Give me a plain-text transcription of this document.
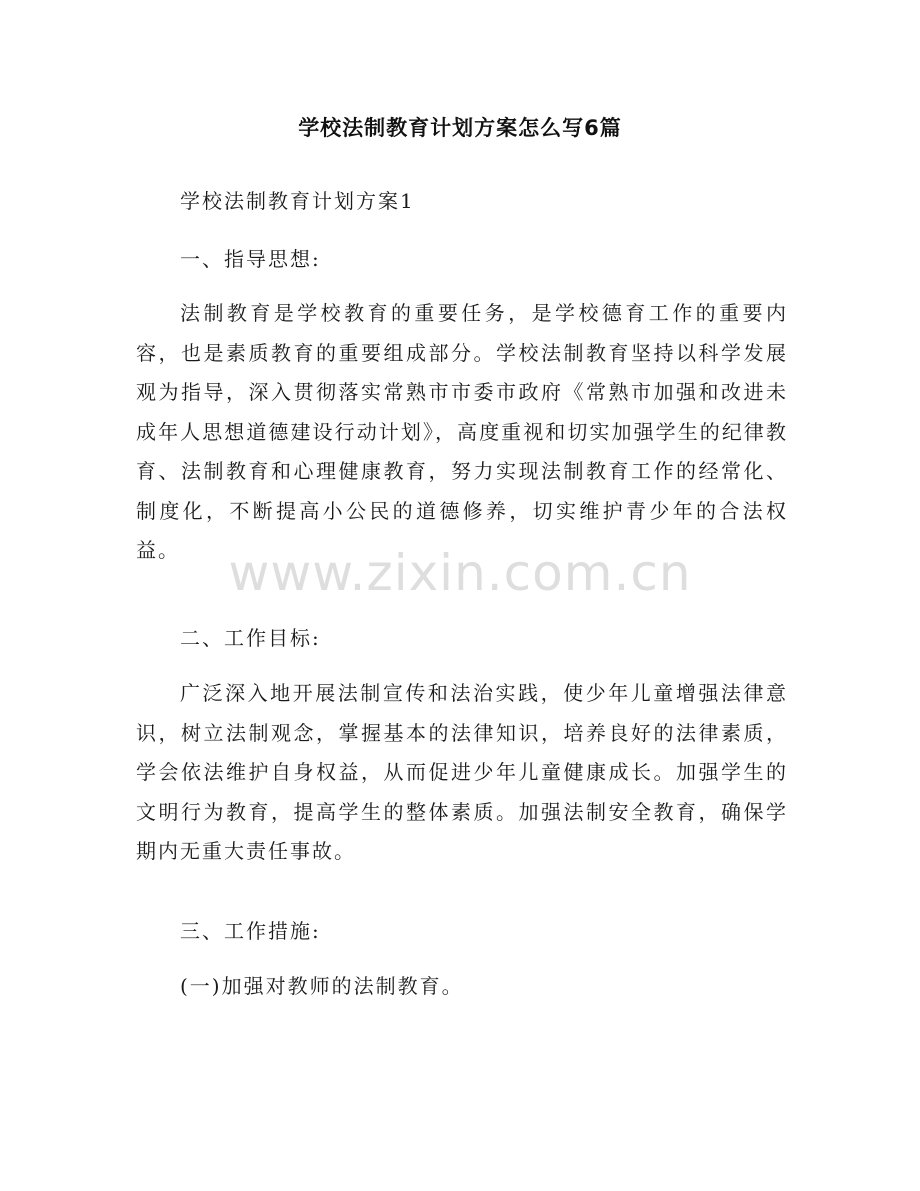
学校法制教育计划方案怎么写6篇
学校法制教育计划方案1
一、指导思想:
法制教育是学校教育的重要任务，是学校德育工作的重要内容，也是素质教育的重要组成部分。学校法制教育坚持以科学发展观为指导，深入贯彻落实常熟市市委市政府《常熟市加强和改进未成年人思想道德建设行动计划》，高度重视和切实加强学生的纪律教育、法制教育和心理健康教育，努力实现法制教育工作的经常化、制度化，不断提高小公民的道德修养，切实维护青少年的合法权益。
二、工作目标:
广泛深入地开展法制宣传和法治实践，使少年儿童增强法律意识，树立法制观念，掌握基本的法律知识，培养良好的法律素质，学会依法维护自身权益，从而促进少年儿童健康成长。加强学生的文明行为教育，提高学生的整体素质。加强法制安全教育，确保学期内无重大责任事故。
三、工作措施:
(一)加强对教师的法制教育。
www.zixin.com.cn
